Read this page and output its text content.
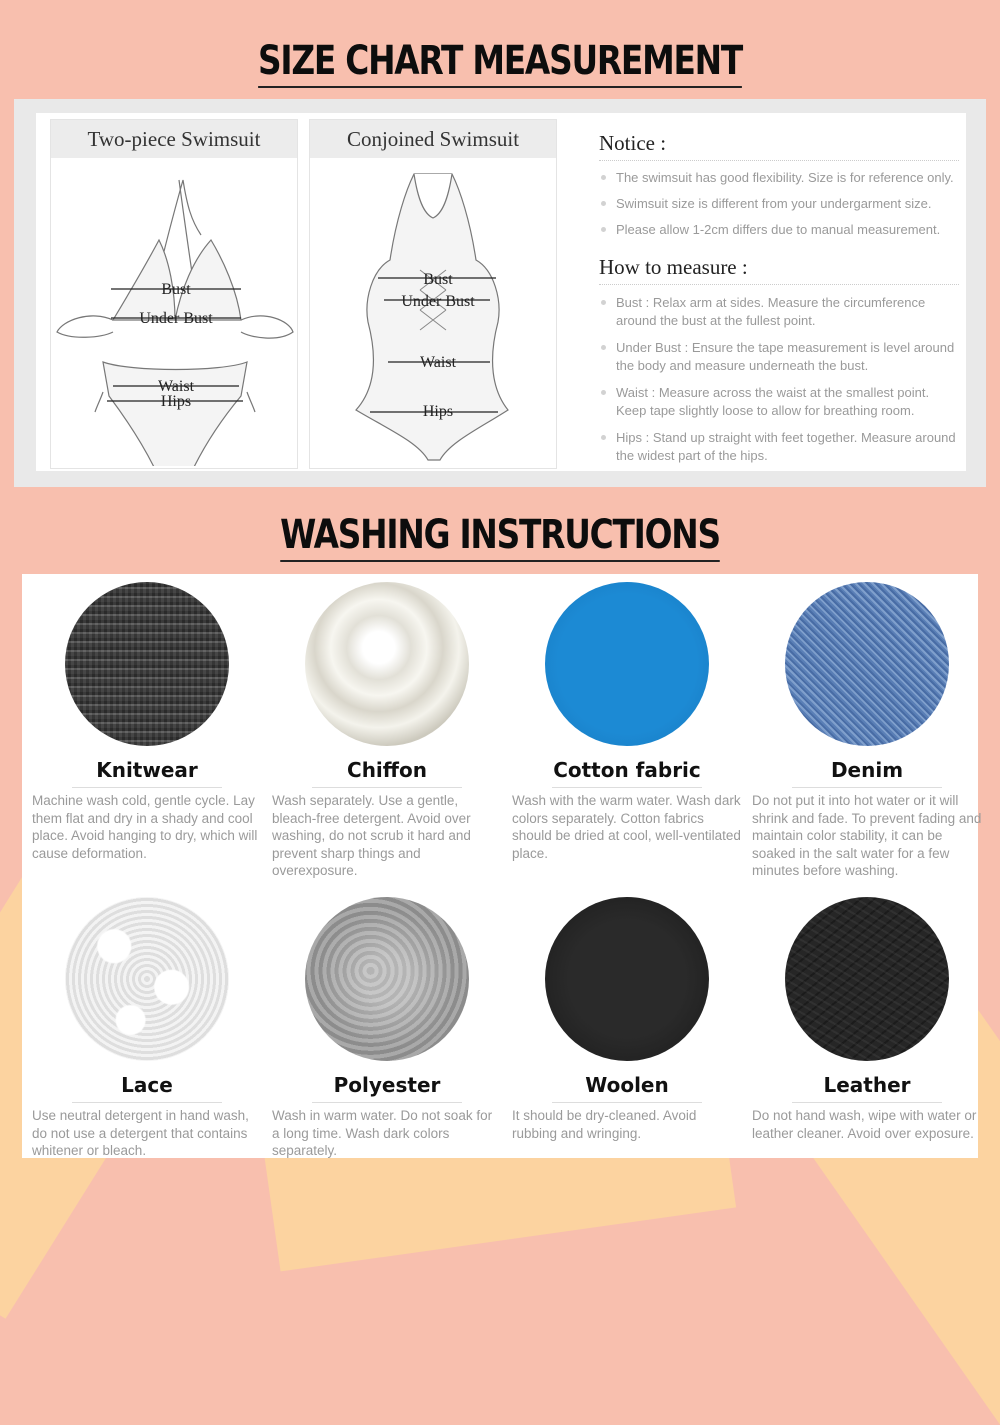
SIZE CHART MEASUREMENT
Two-piece Swimsuit
Bust
Under Bust
Waist
Hips
Conjoined Swimsuit
Bust
Under Bust
Waist
Hips
Notice :
The swimsuit has good flexibility. Size is for reference only.
Swimsuit size is different from your undergarment size.
Please allow 1-2cm differs due to manual measurement.
How to measure :
Bust : Relax arm at sides. Measure the circumference around the bust at the fullest point.
Under Bust : Ensure the tape measurement is level around the body and measure underneath the bust.
Waist : Measure across the waist at the smallest point. Keep tape slightly loose to allow for breathing room.
Hips : Stand up straight with feet together. Measure around the widest part of the hips.
WASHING INSTRUCTIONS
Knitwear
Machine wash cold, gentle cycle. Lay them flat and dry in a shady and cool place. Avoid hanging to dry, which will cause deformation.
Chiffon
Wash separately. Use a gentle, bleach-free detergent. Avoid over washing, do not scrub it hard and prevent sharp things and overexposure.
Cotton fabric
Wash with the warm water. Wash dark colors separately. Cotton fabrics should be dried at cool, well-ventilated place.
Denim
Do not put it into hot water or it will shrink and fade. To prevent fading and maintain color stability, it can be soaked in the salt water for a few minutes before washing.
Lace
Use neutral detergent in hand wash, do not use a detergent that contains whitener or bleach.
Polyester
Wash in warm water. Do not soak for a long time. Wash dark colors separately.
Woolen
It should be dry-cleaned. Avoid rubbing and wringing.
Leather
Do not hand wash, wipe with water or leather cleaner. Avoid over exposure.
